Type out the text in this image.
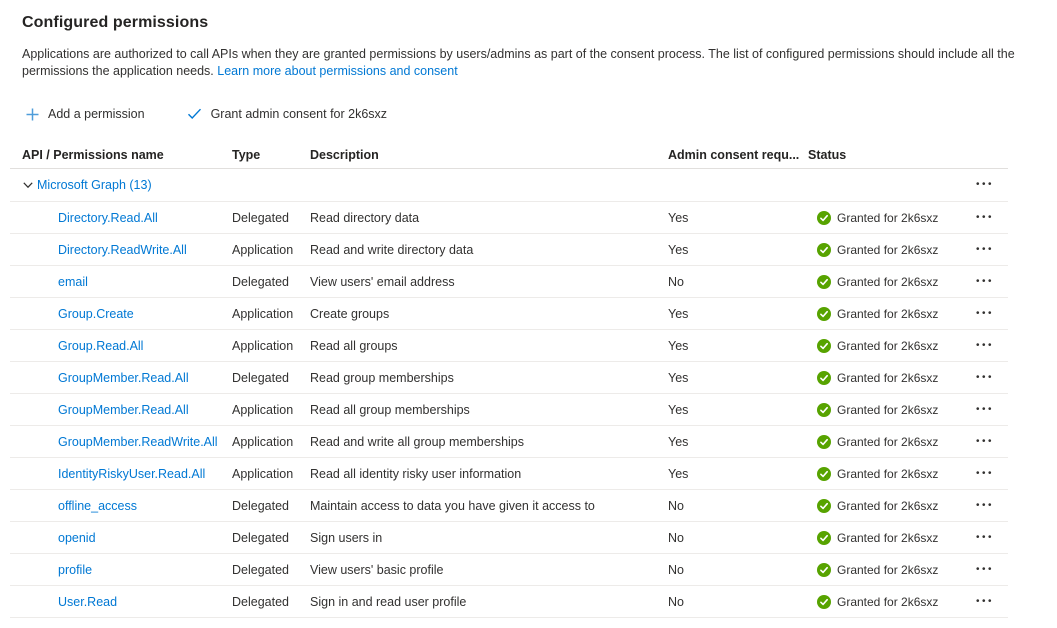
Configured permissions

Applications are authorized to call APIs when they are granted permissions by users/admins as part of the consent process. The list of configured permissions should include all the permissions the application needs. Learn more about permissions and consent

Add a permission	Grant admin consent for 2k6sxz
API / Permissions name	Type	Description	Admin consent requ... Status
Microsoft Graph (13)	•••
Directory.Read.All	Delegated	Read directory data	Yes	Granted for 2k6sxz	•••
Directory.ReadWrite.All	Application	Read and write directory data	Yes	Granted for 2k6sxz	•••
email	Delegated	View users' email address	No	Granted for 2k6sxz	•••
Group.Create	Application	Create groups	Yes	Granted for 2k6sxz	•••
Group.Read.All	Application	Read all groups	Yes	Granted for 2k6sxz	•••
GroupMember.Read.All	Delegated	Read group memberships	Yes	Granted for 2k6sxz	•••
GroupMember.Read.All	Application	Read all group memberships	Yes	Granted for 2k6sxz	•••
GroupMember.ReadWrite.All	Application	Read and write all group memberships	Yes	Granted for 2k6sxz	•••
IdentityRiskyUser.Read.All	Application	Read all identity risky user information	Yes	Granted for 2k6sxz	•••
offline_access	Delegated	Maintain access to data you have given it access to	No	Granted for 2k6sxz	•••
openid	Delegated	Sign users in	No	Granted for 2k6sxz	•••
profile	Delegated	View users' basic profile	No	Granted for 2k6sxz	•••
User.Read	Delegated	Sign in and read user profile	No	Granted for 2k6sxz	•••
